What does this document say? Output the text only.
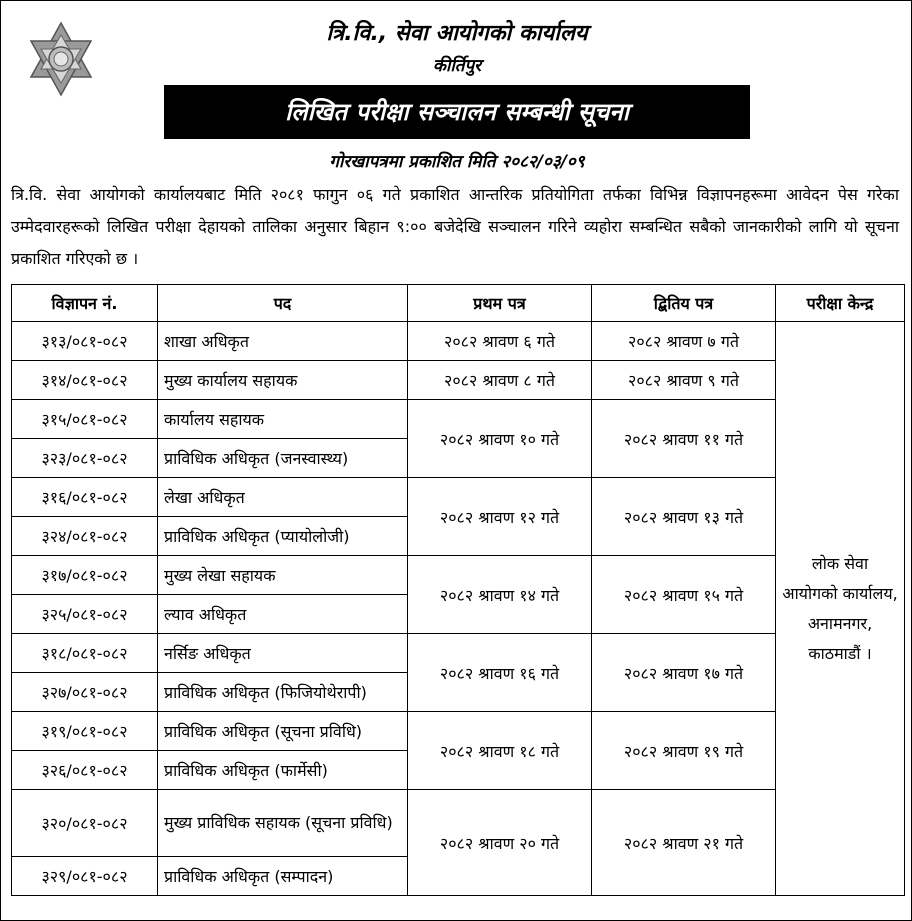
त्रि.वि., सेवा आयोगको कार्यालय
कीर्तिपुर
लिखित परीक्षा सञ्चालन सम्बन्धी सूचना
गोरखापत्रमा प्रकाशित मिति २०८२/०३/०९
त्रि.वि. सेवा आयोगको कार्यालयबाट मिति २०८१ फागुन ०६ गते प्रकाशित आन्तरिक प्रतियोगिता तर्फका विभिन्न विज्ञापनहरूमा आवेदन पेस गरेका उम्मेदवारहरूको लिखित परीक्षा देहायको तालिका अनुसार बिहान ९:०० बजेदेखि सञ्चालन गरिने व्यहोरा सम्बन्धित सबैको जानकारीको लागि यो सूचना प्रकाशित गरिएको छ ।
विज्ञापन नं.	पद	प्रथम पत्र	द्बितिय पत्र	परीक्षा केन्द्र
३१३/०८१-०८२	शाखा अधिकृत	२०८२ श्रावण ६ गते	२०८२ श्रावण ७ गते	लोक सेवा आयोगको कार्यालय, अनामनगर, काठमाडौं ।
३१४/०८१-०८२	मुख्य कार्यालय सहायक	२०८२ श्रावण ८ गते	२०८२ श्रावण ९ गते	
३१५/०८१-०८२	कार्यालय सहायक	२०८२ श्रावण १० गते	२०८२ श्रावण ११ गते	
३२३/०८१-०८२	प्राविधिक अधिकृत (जनस्वास्थ्य)			
३१६/०८१-०८२	लेखा अधिकृत	२०८२ श्रावण १२ गते	२०८२ श्रावण १३ गते	
३२४/०८१-०८२	प्राविधिक अधिकृत (प्यायोलोजी)			
३१७/०८१-०८२	मुख्य लेखा सहायक	२०८२ श्रावण १४ गते	२०८२ श्रावण १५ गते	
३२५/०८१-०८२	ल्याव अधिकृत			
३१८/०८१-०८२	नर्सिङ अधिकृत	२०८२ श्रावण १६ गते	२०८२ श्रावण १७ गते	
३२७/०८१-०८२	प्राविधिक अधिकृत (फिजियोथेरापी)			
३१९/०८१-०८२	प्राविधिक अधिकृत (सूचना प्रविधि)	२०८२ श्रावण १८ गते	२०८२ श्रावण १९ गते	
३२६/०८१-०८२	प्राविधिक अधिकृत (फार्मेसी)			
३२०/०८१-०८२	मुख्य प्राविधिक सहायक (सूचना प्रविधि)	२०८२ श्रावण २० गते	२०८२ श्रावण २१ गते	
३२९/०८१-०८२	प्राविधिक अधिकृत (सम्पादन)			
